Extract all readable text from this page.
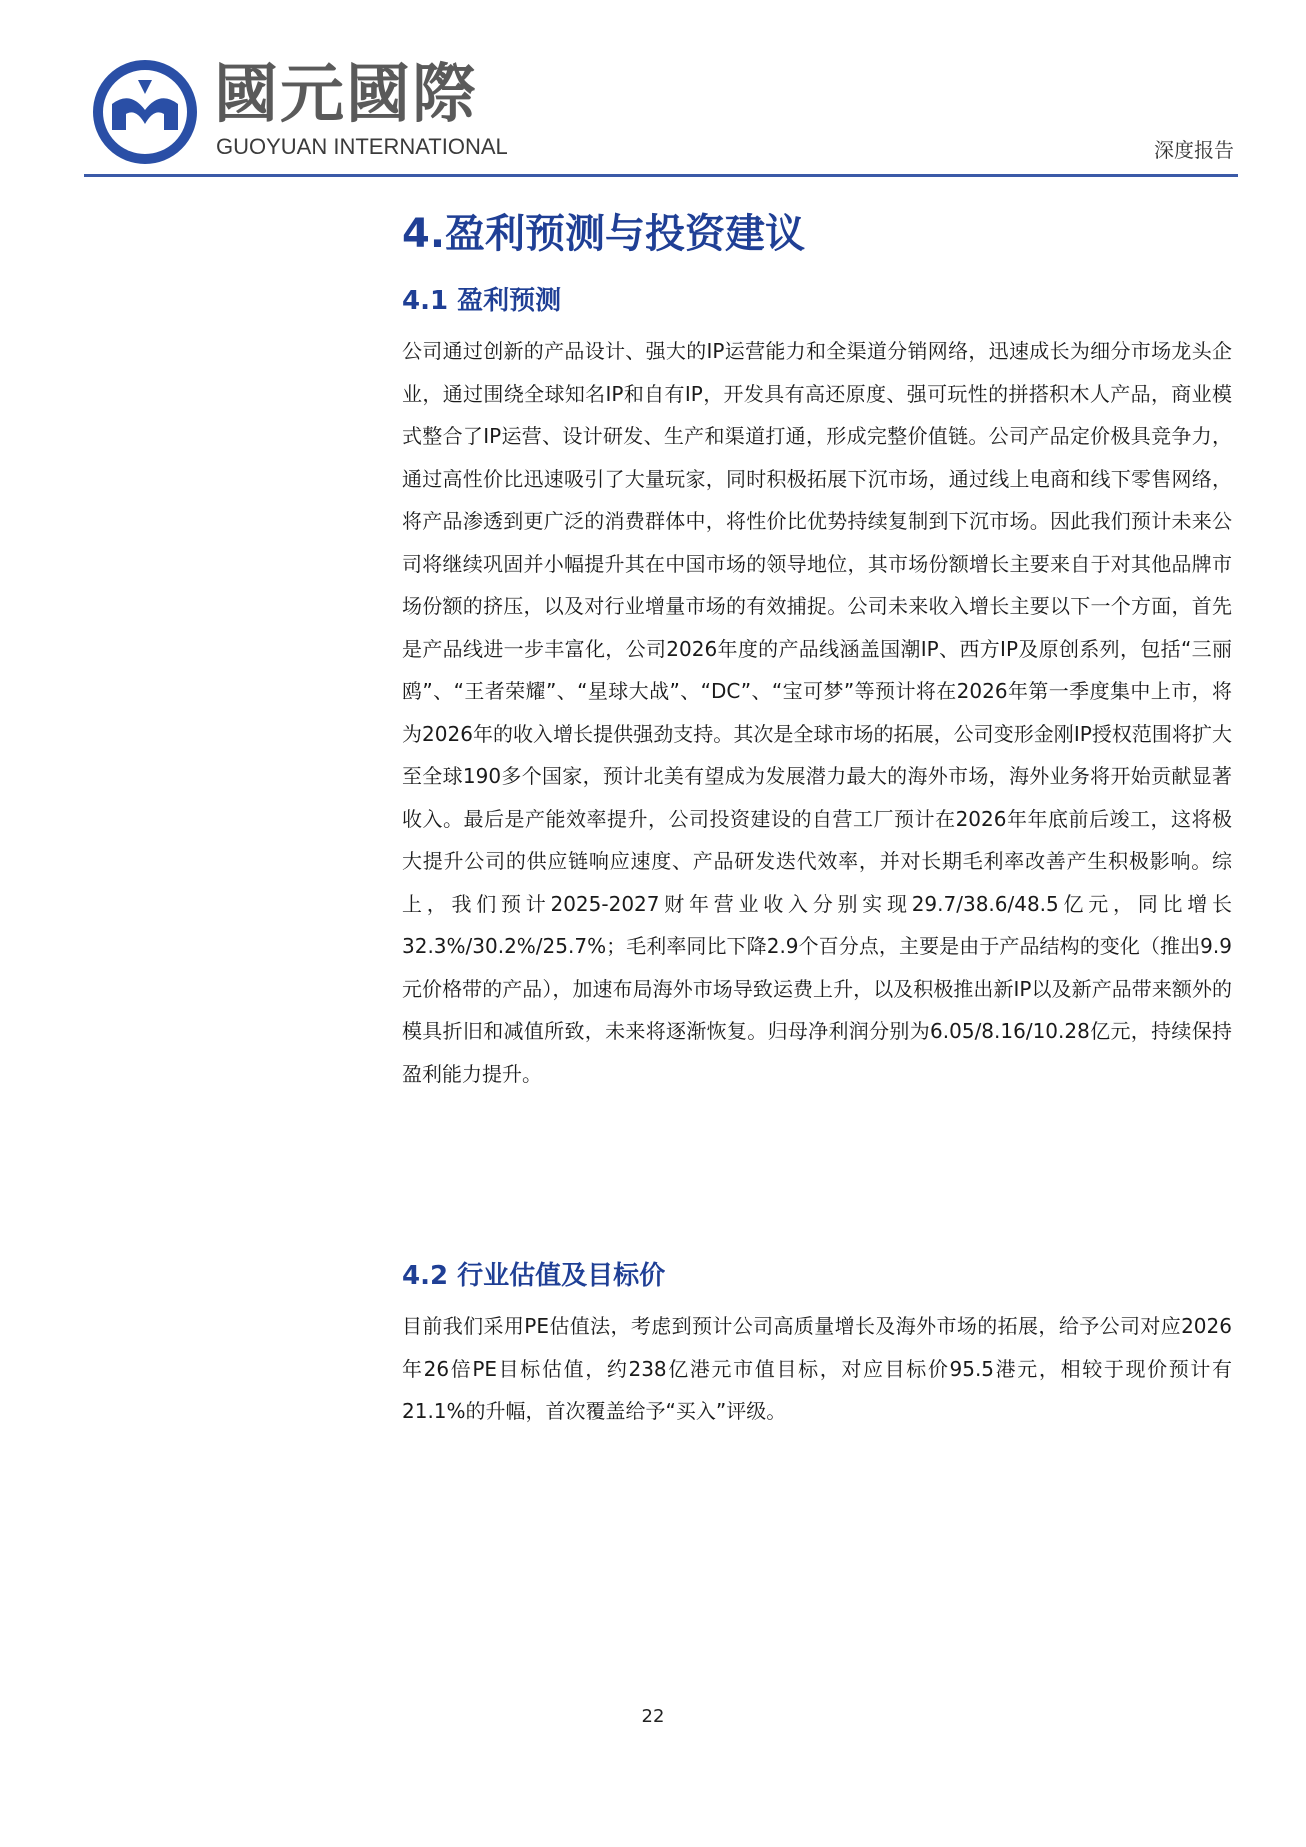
國元國際
GUOYUAN INTERNATIONAL	深度报告
4.盈利预测与投资建议
4.1 盈利预测
公司通过创新的产品设计、强大的IP运营能力和全渠道分销网络，迅速成长为细分市场龙头企业，通过围绕全球知名IP和自有IP，开发具有高还原度、强可玩性的拼搭积木人产品，商业模式整合了IP运营、设计研发、生产和渠道打通，形成完整价值链。公司产品定价极具竞争力，通过高性价比迅速吸引了大量玩家，同时积极拓展下沉市场，通过线上电商和线下零售网络，将产品渗透到更广泛的消费群体中，将性价比优势持续复制到下沉市场。因此我们预计未来公司将继续巩固并小幅提升其在中国市场的领导地位，其市场份额增长主要来自于对其他品牌市场份额的挤压，以及对行业增量市场的有效捕捉。公司未来收入增长主要以下一个方面，首先是产品线进一步丰富化，公司2026年度的产品线涵盖国潮IP、西方IP及原创系列，包括“三丽鸥”、“王者荣耀”、“星球大战”、“DC”、“宝可梦”等预计将在2026年第一季度集中上市，将为2026年的收入增长提供强劲支持。其次是全球市场的拓展，公司变形金刚IP授权范围将扩大至全球190多个国家，预计北美有望成为发展潜力最大的海外市场，海外业务将开始贡献显著收入。最后是产能效率提升，公司投资建设的自营工厂预计在2026年年底前后竣工，这将极大提升公司的供应链响应速度、产品研发迭代效率，并对长期毛利率改善产生积极影响。综上，我们预计2025-2027财年营业收入分别实现29.7/38.6/48.5亿元，同比增长32.3%/30.2%/25.7%；毛利率同比下降2.9个百分点，主要是由于产品结构的变化（推出9.9元价格带的产品），加速布局海外市场导致运费上升，以及积极推出新IP以及新产品带来额外的模具折旧和减值所致，未来将逐渐恢复。归母净利润分别为6.05/8.16/10.28亿元，持续保持盈利能力提升。
4.2 行业估值及目标价
目前我们采用PE估值法，考虑到预计公司高质量增长及海外市场的拓展，给予公司对应2026年26倍PE目标估值，约238亿港元市值目标，对应目标价95.5港元，相较于现价预计有21.1%的升幅，首次覆盖给予“买入”评级。
22
